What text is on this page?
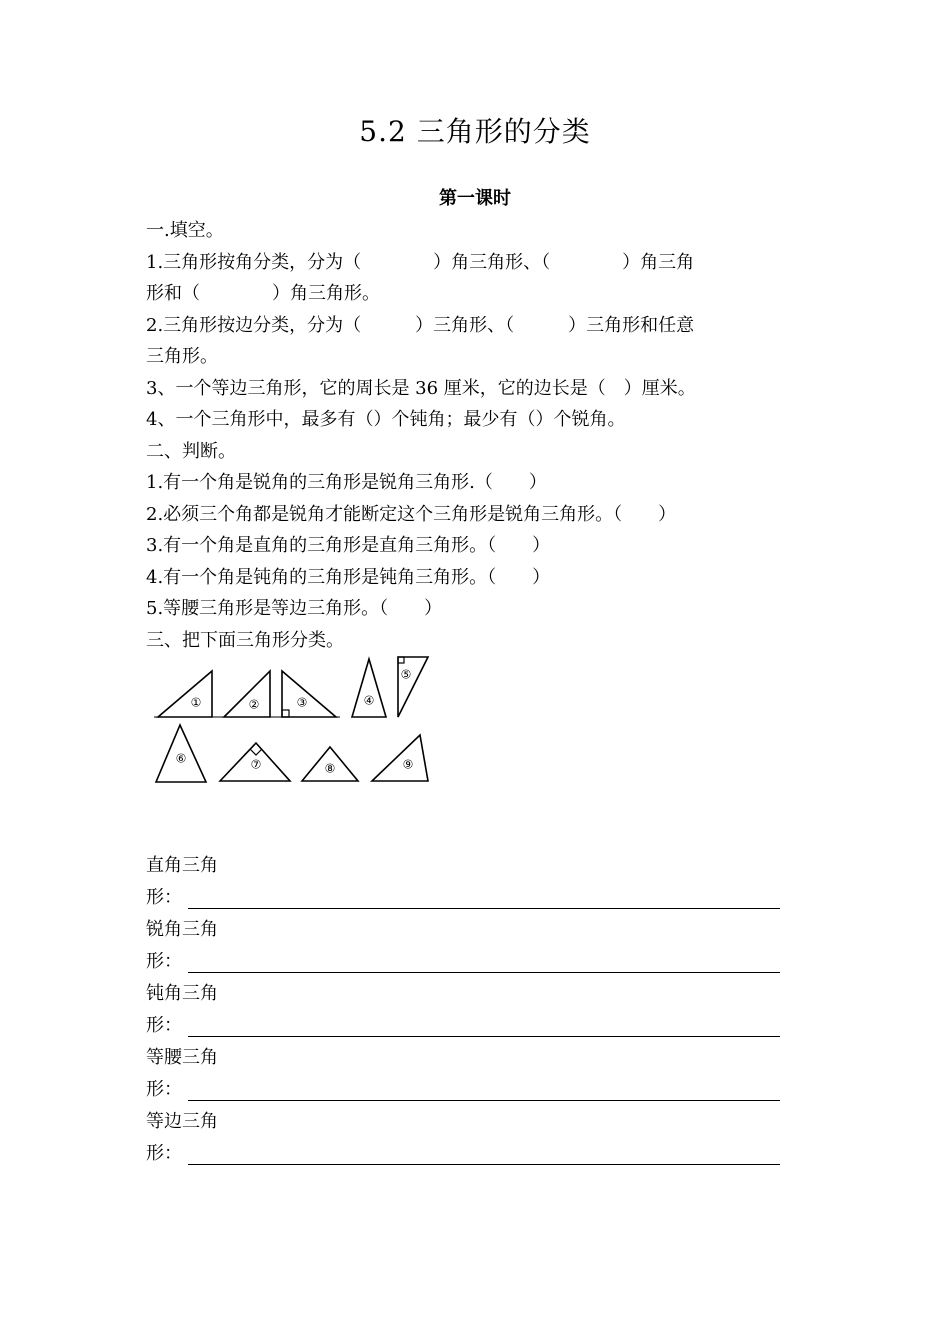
5.2 三角形的分类
第一课时
一.填空。
1.三角形按角分类，分为（　　　　）角三角形、（　　　　）角三角
形和（　　　　）角三角形。
2.三角形按边分类，分为（　　　）三角形、（　　　）三角形和任意
三角形。
3、一个等边三角形，它的周长是 36 厘米，它的边长是（　）厘米。
4、一个三角形中，最多有（）个钝角；最少有（）个锐角。
二、判断。
1.有一个角是锐角的三角形是锐角三角形.（　　）
2.必须三个角都是锐角才能断定这个三角形是锐角三角形。（　　）
3.有一个角是直角的三角形是直角三角形。（　　）
4.有一个角是钝角的三角形是钝角三角形。（　　）
5.等腰三角形是等边三角形。（　　）
三、把下面三角形分类。
①	②	③	④
⑤
⑥	⑦	⑧	⑨
直角三角
形：
锐角三角
形：
钝角三角
形：
等腰三角
形：
等边三角
形：
